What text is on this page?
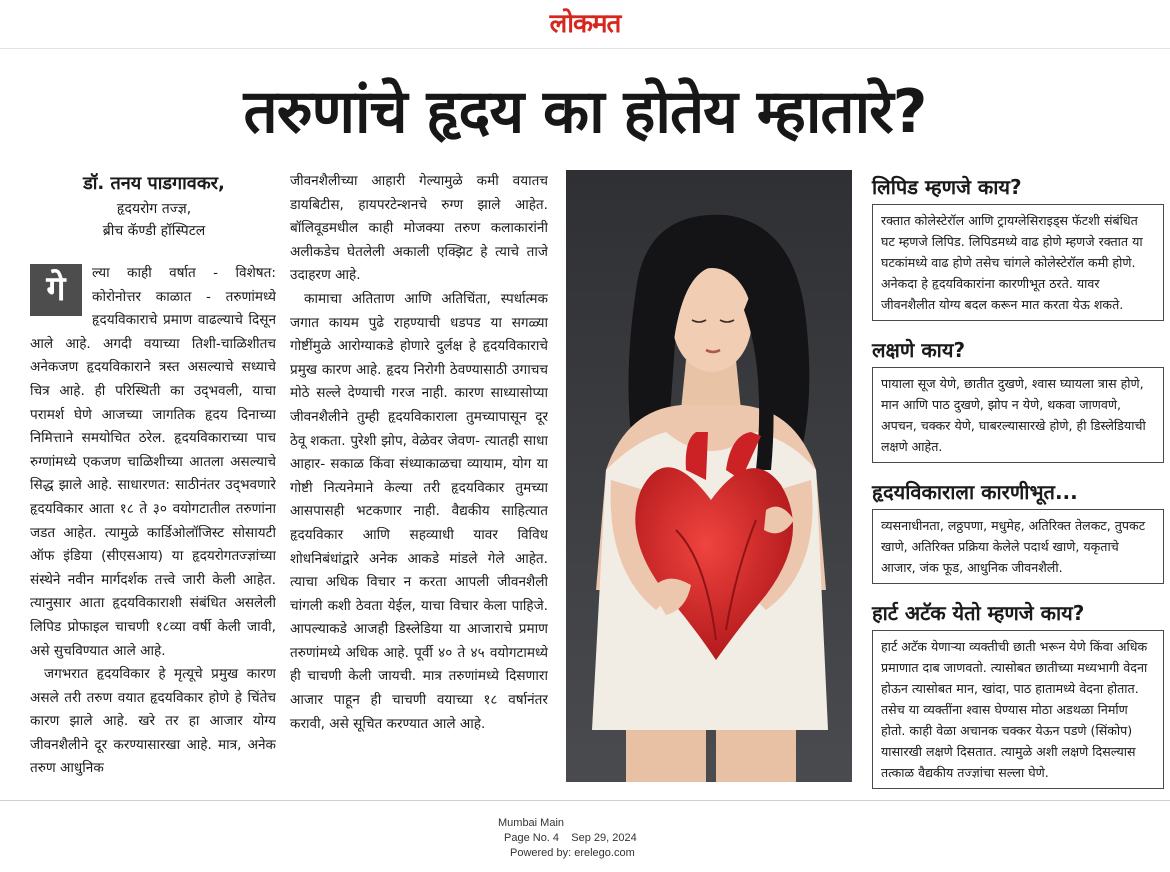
लोकमत
तरुणांचे हृदय का होतेय म्हातारे?
डॉ. तनय पाडगावकर,
हृदयरोग तज्ज्ञ,
ब्रीच कॅण्डी हॉस्पिटल
गे	ल्या काही वर्षात - विशेषत: कोरोनोत्तर काळात - तरुणांमध्ये हृदयविकाराचे प्रमाण वाढल्याचे दिसून आले आहे. अगदी वयाच्या तिशी-चाळिशीतच अनेकजण हृदयविकाराने त्रस्त असल्याचे सध्याचे चित्र आहे. ही परिस्थिती का उद्‌भवली, याचा परामर्श घेणे आजच्या जागतिक हृदय दिनाच्या निमित्ताने समयोचित ठरेल. हृदयविकाराच्या पाच रुग्णांमध्ये एकजण चाळिशीच्या आतला असल्याचे सिद्ध झाले आहे. साधारणत: साठीनंतर उद्‌भवणारे हृदयविकार आता १८ ते ३० वयोगटातील तरुणांना जडत आहेत. त्यामुळे कार्डिओलॉजिस्ट सोसायटी ऑफ इंडिया (सीएसआय) या हृदयरोगतज्ज्ञांच्या संस्थेने नवीन मार्गदर्शक तत्त्वे जारी केली आहेत. त्यानुसार आता हृदयविकाराशी संबंधित असलेली लिपिड प्रोफाइल चाचणी १८व्या वर्षी केली जावी, असे सुचविण्यात आले आहे.

जगभरात हृदयविकार हे मृत्यूचे प्रमुख कारण असले तरी तरुण वयात हृदयविकार होणे हे चिंतेच कारण झाले आहे. खरे तर हा आजार योग्य जीवनशैलीने दूर करण्यासारखा आहे. मात्र, अनेक तरुण आधुनिक

जीवनशैलीच्या आहारी गेल्यामुळे कमी वयातच डायबिटीस, हायपरटेन्शनचे रुग्ण झाले आहेत. बॉलिवूडमधील काही मोजक्या तरुण कलाकारांनी अलीकडेच घेतलेली अकाली एक्झिट हे त्याचे ताजे उदाहरण आहे.

कामाचा अतिताण आणि अतिचिंता, स्पर्धात्मक जगात कायम पुढे राहण्याची धडपड या सगळ्या गोष्टींमुळे आरोग्याकडे होणारे दुर्लक्ष हे हृदयविकाराचे प्रमुख कारण आहे. हृदय निरोगी ठेवण्यासाठी उगाचच मोठे सल्ले देण्याची गरज नाही. कारण साध्यासोप्या जीवनशैलीने तुम्ही हृदयविकाराला तुमच्यापासून दूर ठेवू शकता. पुरेशी झोप, वेळेवर जेवण- त्यातही साधा आहार- सकाळ किंवा संध्याकाळचा व्यायाम, योग या गोष्टी नित्यनेमाने केल्या तरी हृदयविकार तुमच्या आसपासही भटकणार नाही. वैद्यकीय साहित्यात हृदयविकार आणि सहव्याधी यावर विविध शोधनिबंधांद्वारे अनेक आकडे मांडले गेले आहेत. त्याचा अधिक विचार न करता आपली जीवनशैली चांगली कशी ठेवता येईल, याचा विचार केला पाहिजे. आपल्याकडे आजही डिस्लेडिया या आजाराचे प्रमाण तरुणांमध्ये अधिक आहे. पूर्वी ४० ते ४५ वयोगटामध्ये ही चाचणी केली जायची. मात्र तरुणांमध्ये दिसणारा आजार पाहून ही चाचणी वयाच्या १८ वर्षानंतर करावी, असे सूचित करण्यात आले आहे.

लिपिड म्हणजे काय?
रक्तात कोलेस्टेरॉल आणि ट्रायग्लेसिराइड्स फॅटशी संबंधित घट म्हणजे लिपिड. लिपिडमध्ये वाढ होणे म्हणजे रक्तात या घटकांमध्ये वाढ होणे तसेच चांगले कोलेस्टेरॉल कमी होणे. अनेकदा हे हृदयविकारांना कारणीभूत ठरते. यावर जीवनशैलीत योग्य बदल करून मात करता येऊ शकते.
लक्षणे काय?
पायाला सूज येणे, छातीत दुखणे, श्वास घ्यायला त्रास होणे, मान आणि पाठ दुखणे, झोप न येणे, थकवा जाणवणे, अपचन, चक्कर येणे, घाबरल्यासारखे होणे, ही डिस्लेडियाची लक्षणे आहेत.
हृदयविकाराला कारणीभूत...
व्यसनाधीनता, लठ्ठपणा, मधुमेह, अतिरिक्त तेलकट, तुपकट खाणे, अतिरिक्त प्रक्रिया केलेले पदार्थ खाणे, यकृताचे आजार, जंक फूड, आधुनिक जीवनशैली.
हार्ट अटॅक येतो म्हणजे काय?
हार्ट अटॅक येणाऱ्या व्यक्तीची छाती भरून येणे किंवा अधिक प्रमाणात दाब जाणवतो. त्यासोबत छातीच्या मध्यभागी वेदना होऊन त्यासोबत मान, खांदा, पाठ हातामध्ये वेदना होतात. तसेच या व्यक्तींना श्वास घेण्यास मोठा अडथळा निर्माण होतो. काही वेळा अचानक चक्कर येऊन पडणे (सिंकोप) यासारखी लक्षणे दिसतात. त्यामुळे अशी लक्षणे दिसल्यास तत्काळ वैद्यकीय तज्ज्ञांचा सल्ला घेणे.
Mumbai Main
Page No. 4    Sep 29, 2024
Powered by: erelego.com
